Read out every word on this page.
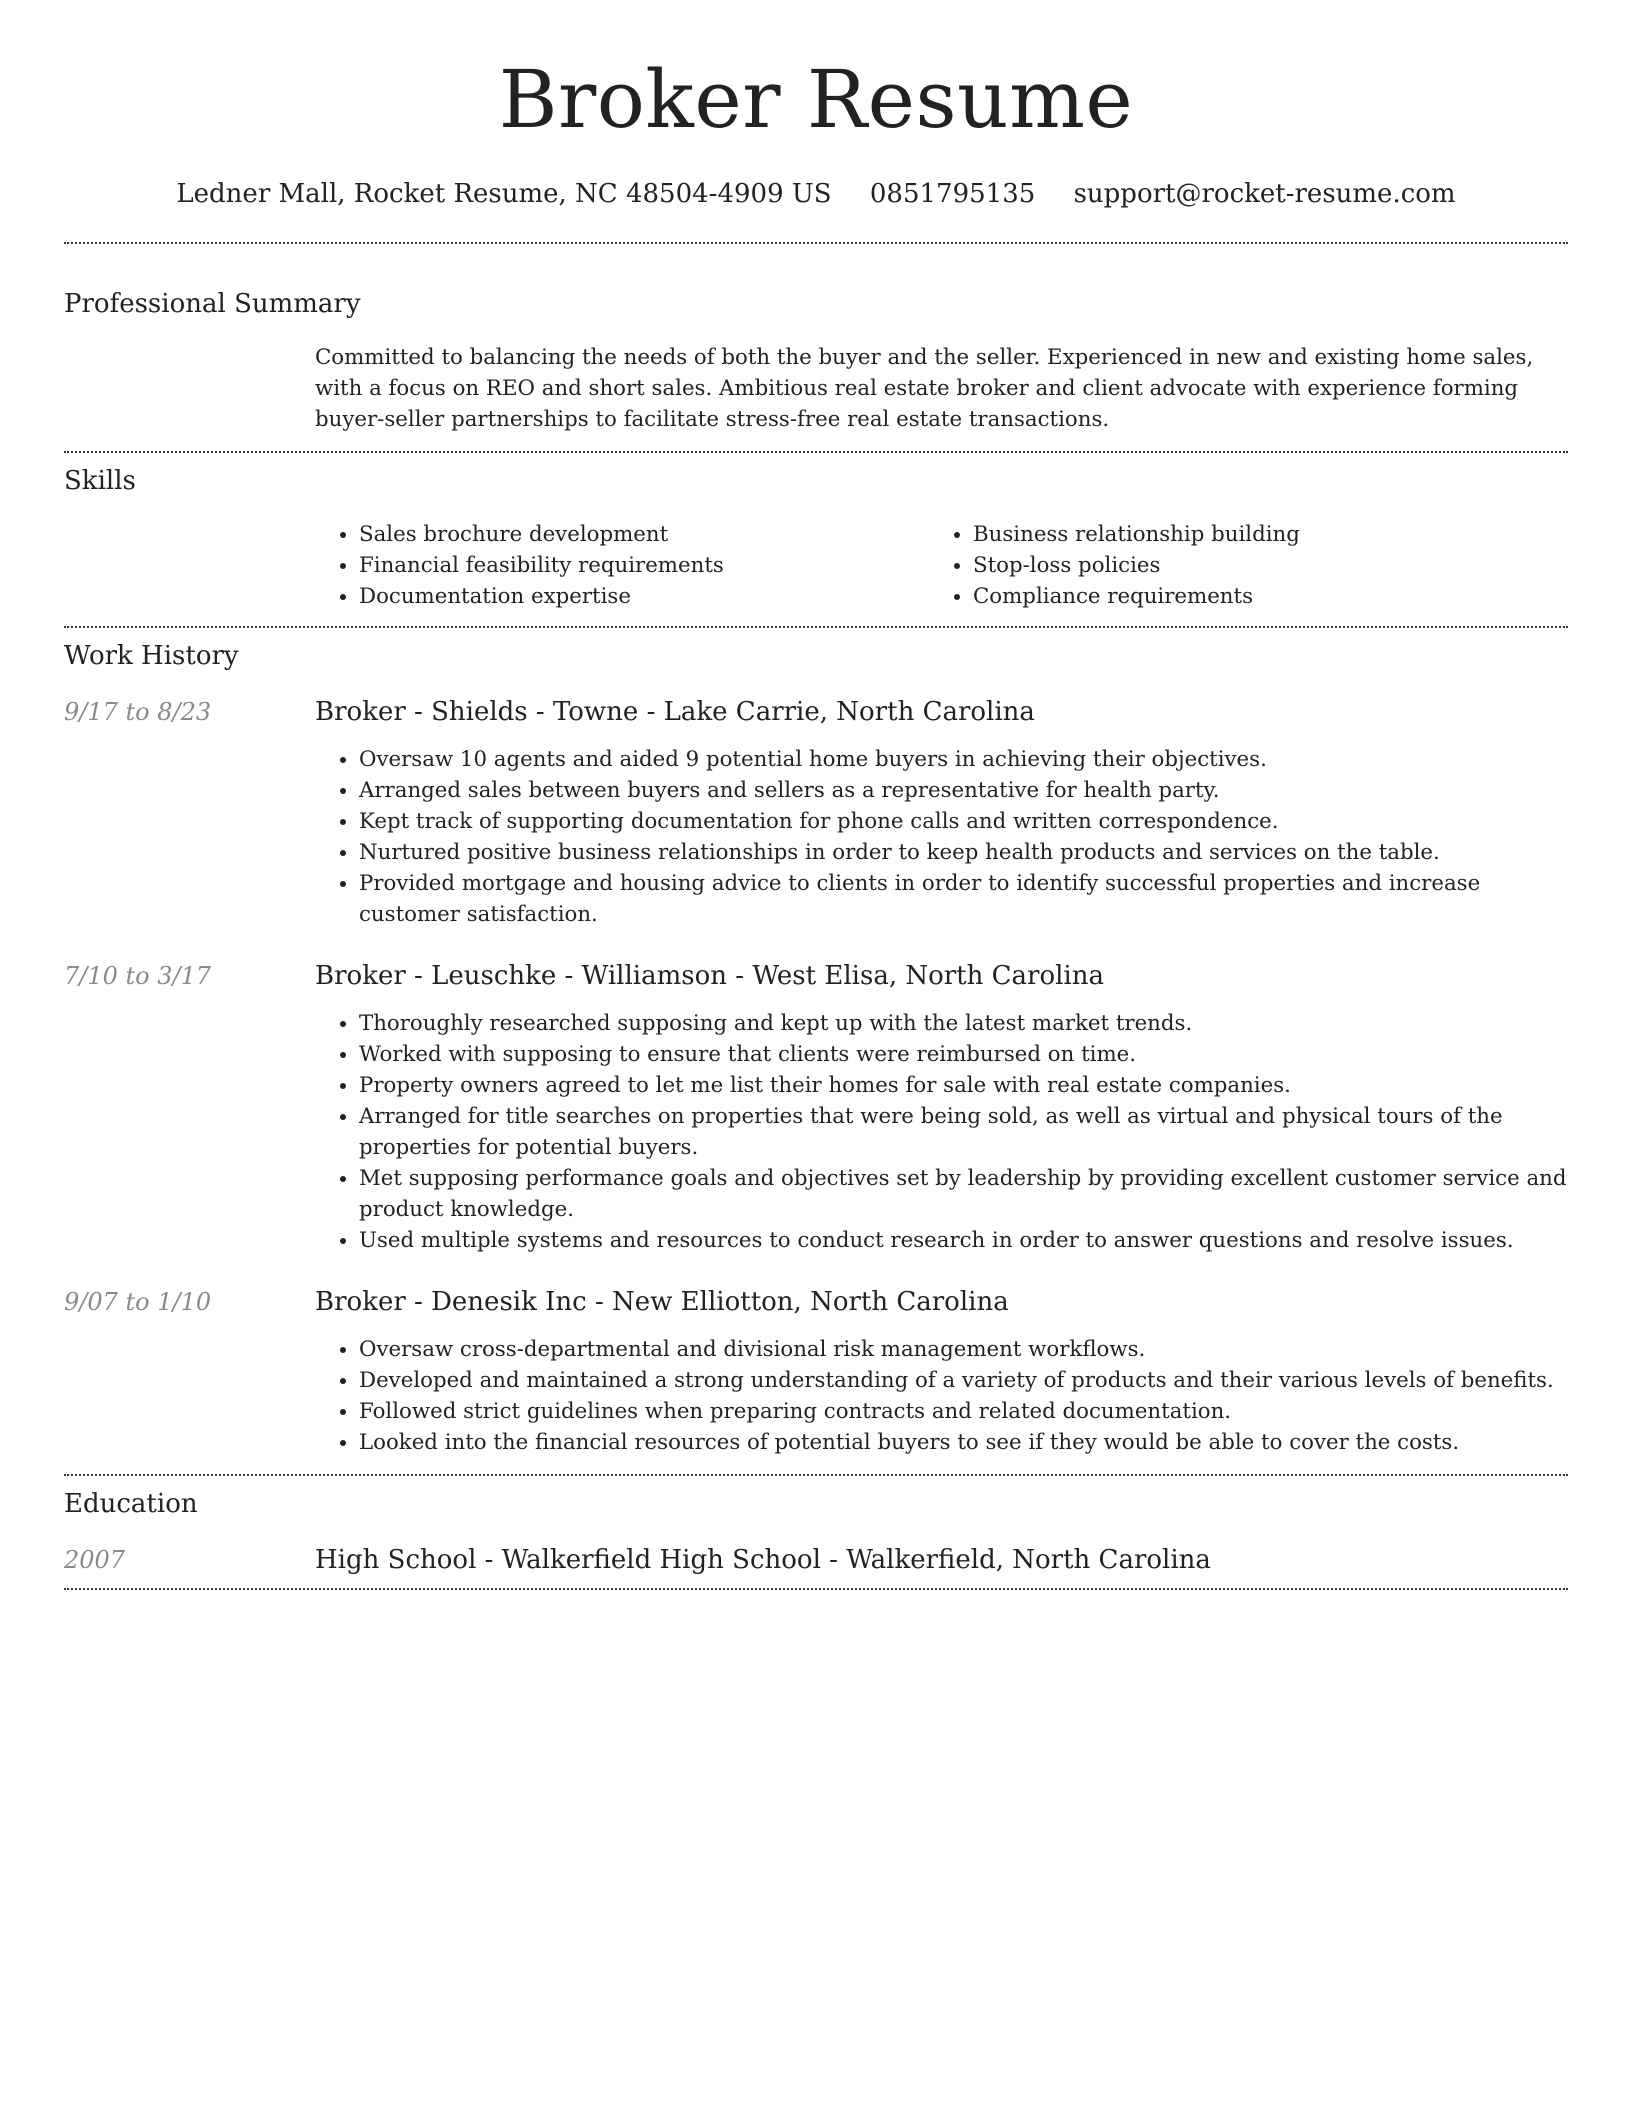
Broker Resume
Ledner Mall, Rocket Resume, NC 48504-4909 US 0851795135 support@rocket-resume.com
Professional Summary

Committed to balancing the needs of both the buyer and the seller. Experienced in new and existing home sales, with a focus on REO and short sales. Ambitious real estate broker and client advocate with experience forming buyer-seller partnerships to facilitate stress-free real estate transactions.

Skills
• Sales brochure development
• Financial feasibility requirements
• Documentation expertise
• Business relationship building
• Stop-loss policies
• Compliance requirements
Work History
9/17 to 8/23	Broker - Shields - Towne - Lake Carrie, North Carolina
• Oversaw 10 agents and aided 9 potential home buyers in achieving their objectives.
• Arranged sales between buyers and sellers as a representative for health party.
• Kept track of supporting documentation for phone calls and written correspondence.
• Nurtured positive business relationships in order to keep health products and services on the table.
• Provided mortgage and housing advice to clients in order to identify successful properties and increase customer satisfaction.
7/10 to 3/17	Broker - Leuschke - Williamson - West Elisa, North Carolina
• Thoroughly researched supposing and kept up with the latest market trends.
• Worked with supposing to ensure that clients were reimbursed on time.
• Property owners agreed to let me list their homes for sale with real estate companies.
• Arranged for title searches on properties that were being sold, as well as virtual and physical tours of the properties for potential buyers.
• Met supposing performance goals and objectives set by leadership by providing excellent customer service and product knowledge.
• Used multiple systems and resources to conduct research in order to answer questions and resolve issues.
9/07 to 1/10	Broker - Denesik Inc - New Elliotton, North Carolina
• Oversaw cross-departmental and divisional risk management workflows.
• Developed and maintained a strong understanding of a variety of products and their various levels of benefits.
• Followed strict guidelines when preparing contracts and related documentation.
• Looked into the financial resources of potential buyers to see if they would be able to cover the costs.
Education
2007	High School - Walkerfield High School - Walkerfield, North Carolina
